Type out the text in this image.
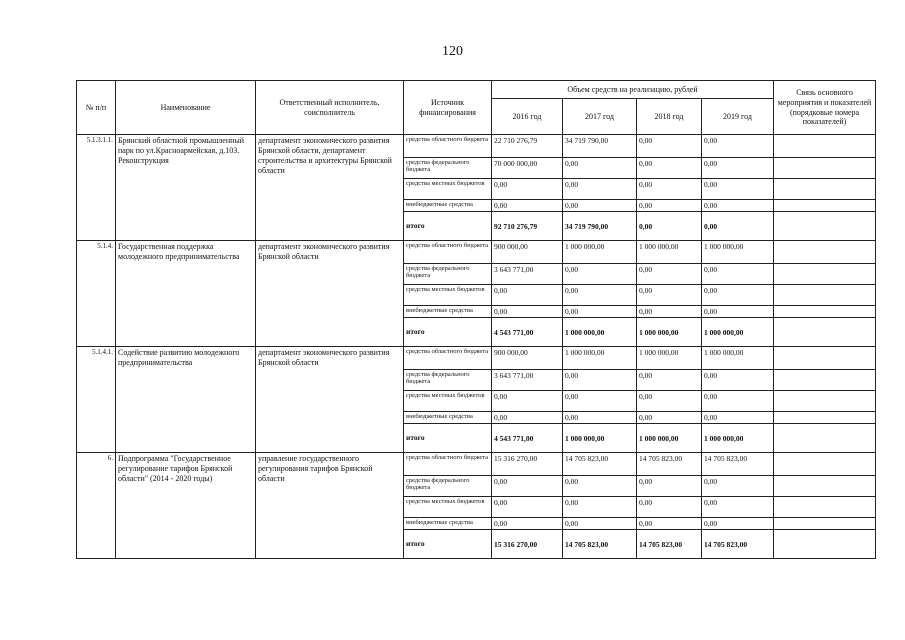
120
№ п/п	Наименование	Ответственный исполнитель, соисполнитель	Источник финансирования	Объем средств на реализацию, рублей				Связь основного мероприятия и показателей (порядковые номера показателей)
				2016 год	2017 год	2018 год	2019 год	
5.1.3.1.1.	Брянский областной промышленный парк по ул.Красноармейская, д.103. Реконструкция	департамент экономического развития Брянской области, департамент строительства и архитектуры Брянской области	средства областного бюджета	22 710 276,79	34 719 790,00	0,00	0,00	
			средства федерального бюджета	70 000 000,00	0,00	0,00	0,00	
			средства местных бюджетов	0,00	0,00	0,00	0,00	
			внебюджетные средства	0,00	0,00	0,00	0,00	
			итого	92 710 276,79	34 719 790,00	0,00	0,00	
5.1.4.	Государственная поддержка молодежного предпринимательства	департамент экономического развития Брянской области	средства областного бюджета	900 000,00	1 000 000,00	1 000 000,00	1 000 000,00	
			средства федерального бюджета	3 643 771,00	0,00	0,00	0,00	
			средства местных бюджетов	0,00	0,00	0,00	0,00	
			внебюджетные средства	0,00	0,00	0,00	0,00	
			итого	4 543 771,00	1 000 000,00	1 000 000,00	1 000 000,00	
5.1.4.1.	Содействие развитию молодежного предпринимательства	департамент экономического развития Брянской области	средства областного бюджета	900 000,00	1 000 000,00	1 000 000,00	1 000 000,00	
			средства федерального бюджета	3 643 771,00	0,00	0,00	0,00	
			средства местных бюджетов	0,00	0,00	0,00	0,00	
			внебюджетные средства	0,00	0,00	0,00	0,00	
			итого	4 543 771,00	1 000 000,00	1 000 000,00	1 000 000,00	
6.	Подпрограмма "Государственное регулирование тарифов Брянской области" (2014 - 2020 годы)	управление государственного регулирования тарифов Брянской области	средства областного бюджета	15 316 270,00	14 705 823,00	14 705 823,00	14 705 823,00	
			средства федерального бюджета	0,00	0,00	0,00	0,00	
			средства местных бюджетов	0,00	0,00	0,00	0,00	
			внебюджетные средства	0,00	0,00	0,00	0,00	
			итого	15 316 270,00	14 705 823,00	14 705 823,00	14 705 823,00	
